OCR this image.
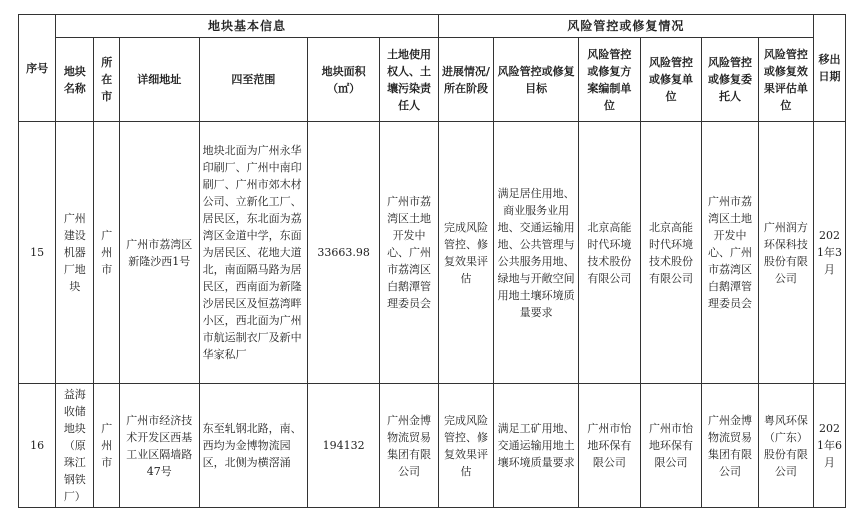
序号	地块基本信息						风险管控或修复情况						移出日期
	地块名称	所在市	详细地址	四至范围	地块面积（㎡）	土地使用权人、土壤污染责任人	进展情况/所在阶段	风险管控或修复目标	风险管控或修复方案编制单位	风险管控或修复单位	风险管控或修复委托人	风险管控或修复效果评估单位	
15	广州建设机器厂地块	广州市	广州市荔湾区新隆沙西1号	地块北面为广州永华印刷厂、广州中南印刷厂、广州市郊木材公司、立新化工厂、居民区，东北面为荔湾区金道中学，东面为居民区、花地大道北，南面隔马路为居民区，西南面为新隆沙居民区及恒荔湾畔小区，西北面为广州市航运制衣厂及新中华家私厂	33663.98	广州市荔湾区土地开发中心、广州市荔湾区白鹅潭管理委员会	完成风险管控、修复效果评估	满足居住用地、商业服务业用地、交通运输用地、公共管理与公共服务用地、绿地与开敞空间用地土壤环境质量要求	北京高能时代环境技术股份有限公司	北京高能时代环境技术股份有限公司	广州市荔湾区土地开发中心、广州市荔湾区白鹅潭管理委员会	广州润方环保科技股份有限公司	2021年3月
16	益海收储地块（原珠江钢铁厂）	广州市	广州市经济技术开发区西基工业区隔墙路47号	东至轧钢北路，南、西均为金博物流园区，北侧为横滘涌	194132	广州金博物流贸易集团有限公司	完成风险管控、修复效果评估	满足工矿用地、交通运输用地土壤环境质量要求	广州市怡地环保有限公司	广州市怡地环保有限公司	广州金博物流贸易集团有限公司	粤风环保（广东）股份有限公司	2021年6月
